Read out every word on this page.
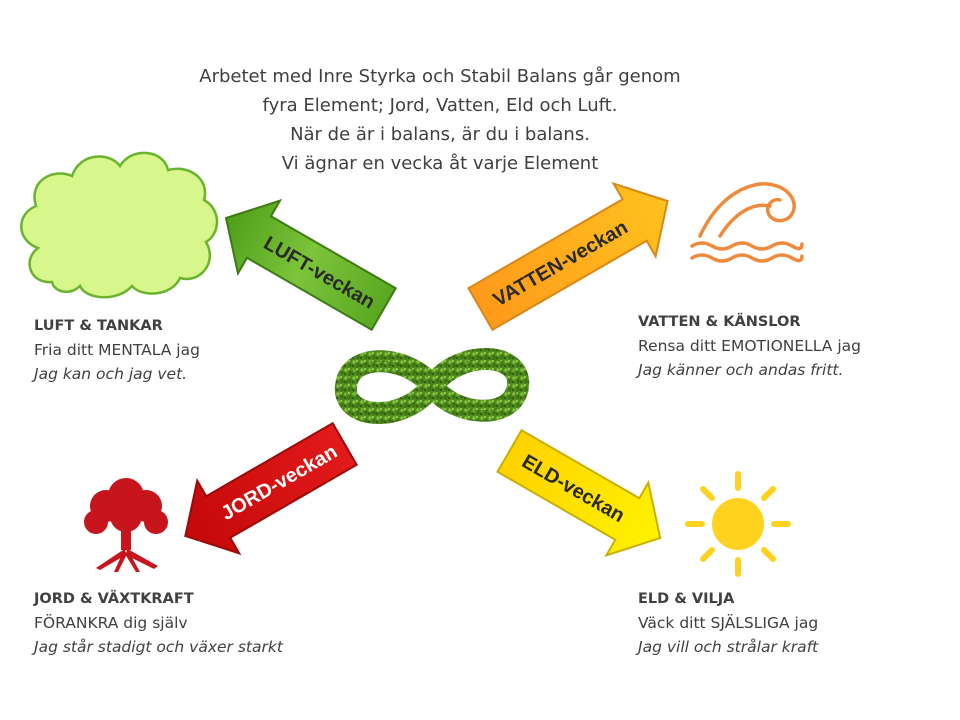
LUFT-veckan	VATTEN-veckan
JORD-veckan	ELD-veckan
Arbetet med Inre Styrka och Stabil Balans går genom
fyra Element; Jord, Vatten, Eld och Luft.
När de är i balans, är du i balans.
Vi ägnar en vecka åt varje Element
LUFT & TANKAR
Fria ditt MENTALA jag
Jag kan och jag vet.
VATTEN & KÄNSLOR
Rensa ditt EMOTIONELLA jag
Jag känner och andas fritt.
JORD & VÄXTKRAFT
FÖRANKRA dig själv
Jag står stadigt och växer starkt
ELD & VILJA
Väck ditt SJÄLSLIGA jag
Jag vill och strålar kraft
